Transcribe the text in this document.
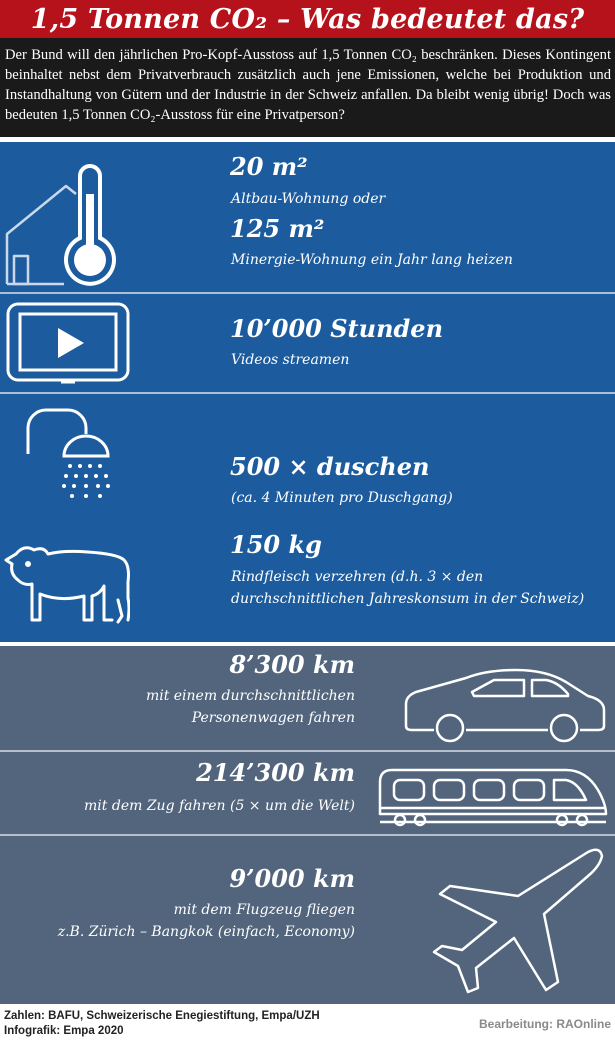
1,5 Tonnen CO₂ – Was bedeutet das?
Der Bund will den jährlichen Pro-Kopf-Ausstoss auf 1,5 Tonnen CO₂ beschränken. Dieses Kontingent beinhaltet nebst dem Privatverbrauch zusätzlich auch jene Emissionen, welche bei Produktion und Instandhaltung von Gütern und der Industrie in der Schweiz anfallen. Da bleibt wenig übrig! Doch was bedeuten 1,5 Tonnen CO₂-Ausstoss für eine Privatperson?
20 m²
Altbau-Wohnung oder
125 m²
Minergie-Wohnung ein Jahr lang heizen
10’000 Stunden
Videos streamen
500 × duschen
(ca. 4 Minuten pro Duschgang)
150 kg
Rindfleisch verzehren (d.h. 3 × den
durchschnittlichen Jahreskonsum in der Schweiz)
8’300 km
mit einem durchschnittlichen
Personenwagen fahren
214’300 km
mit dem Zug fahren (5 × um die Welt)
9’000 km
mit dem Flugzeug fliegen
z.B. Zürich – Bangkok (einfach, Economy)
Zahlen: BAFU, Schweizerische Enegiestiftung, Empa/UZH
Infografik: Empa 2020	Bearbeitung: RAOnline
